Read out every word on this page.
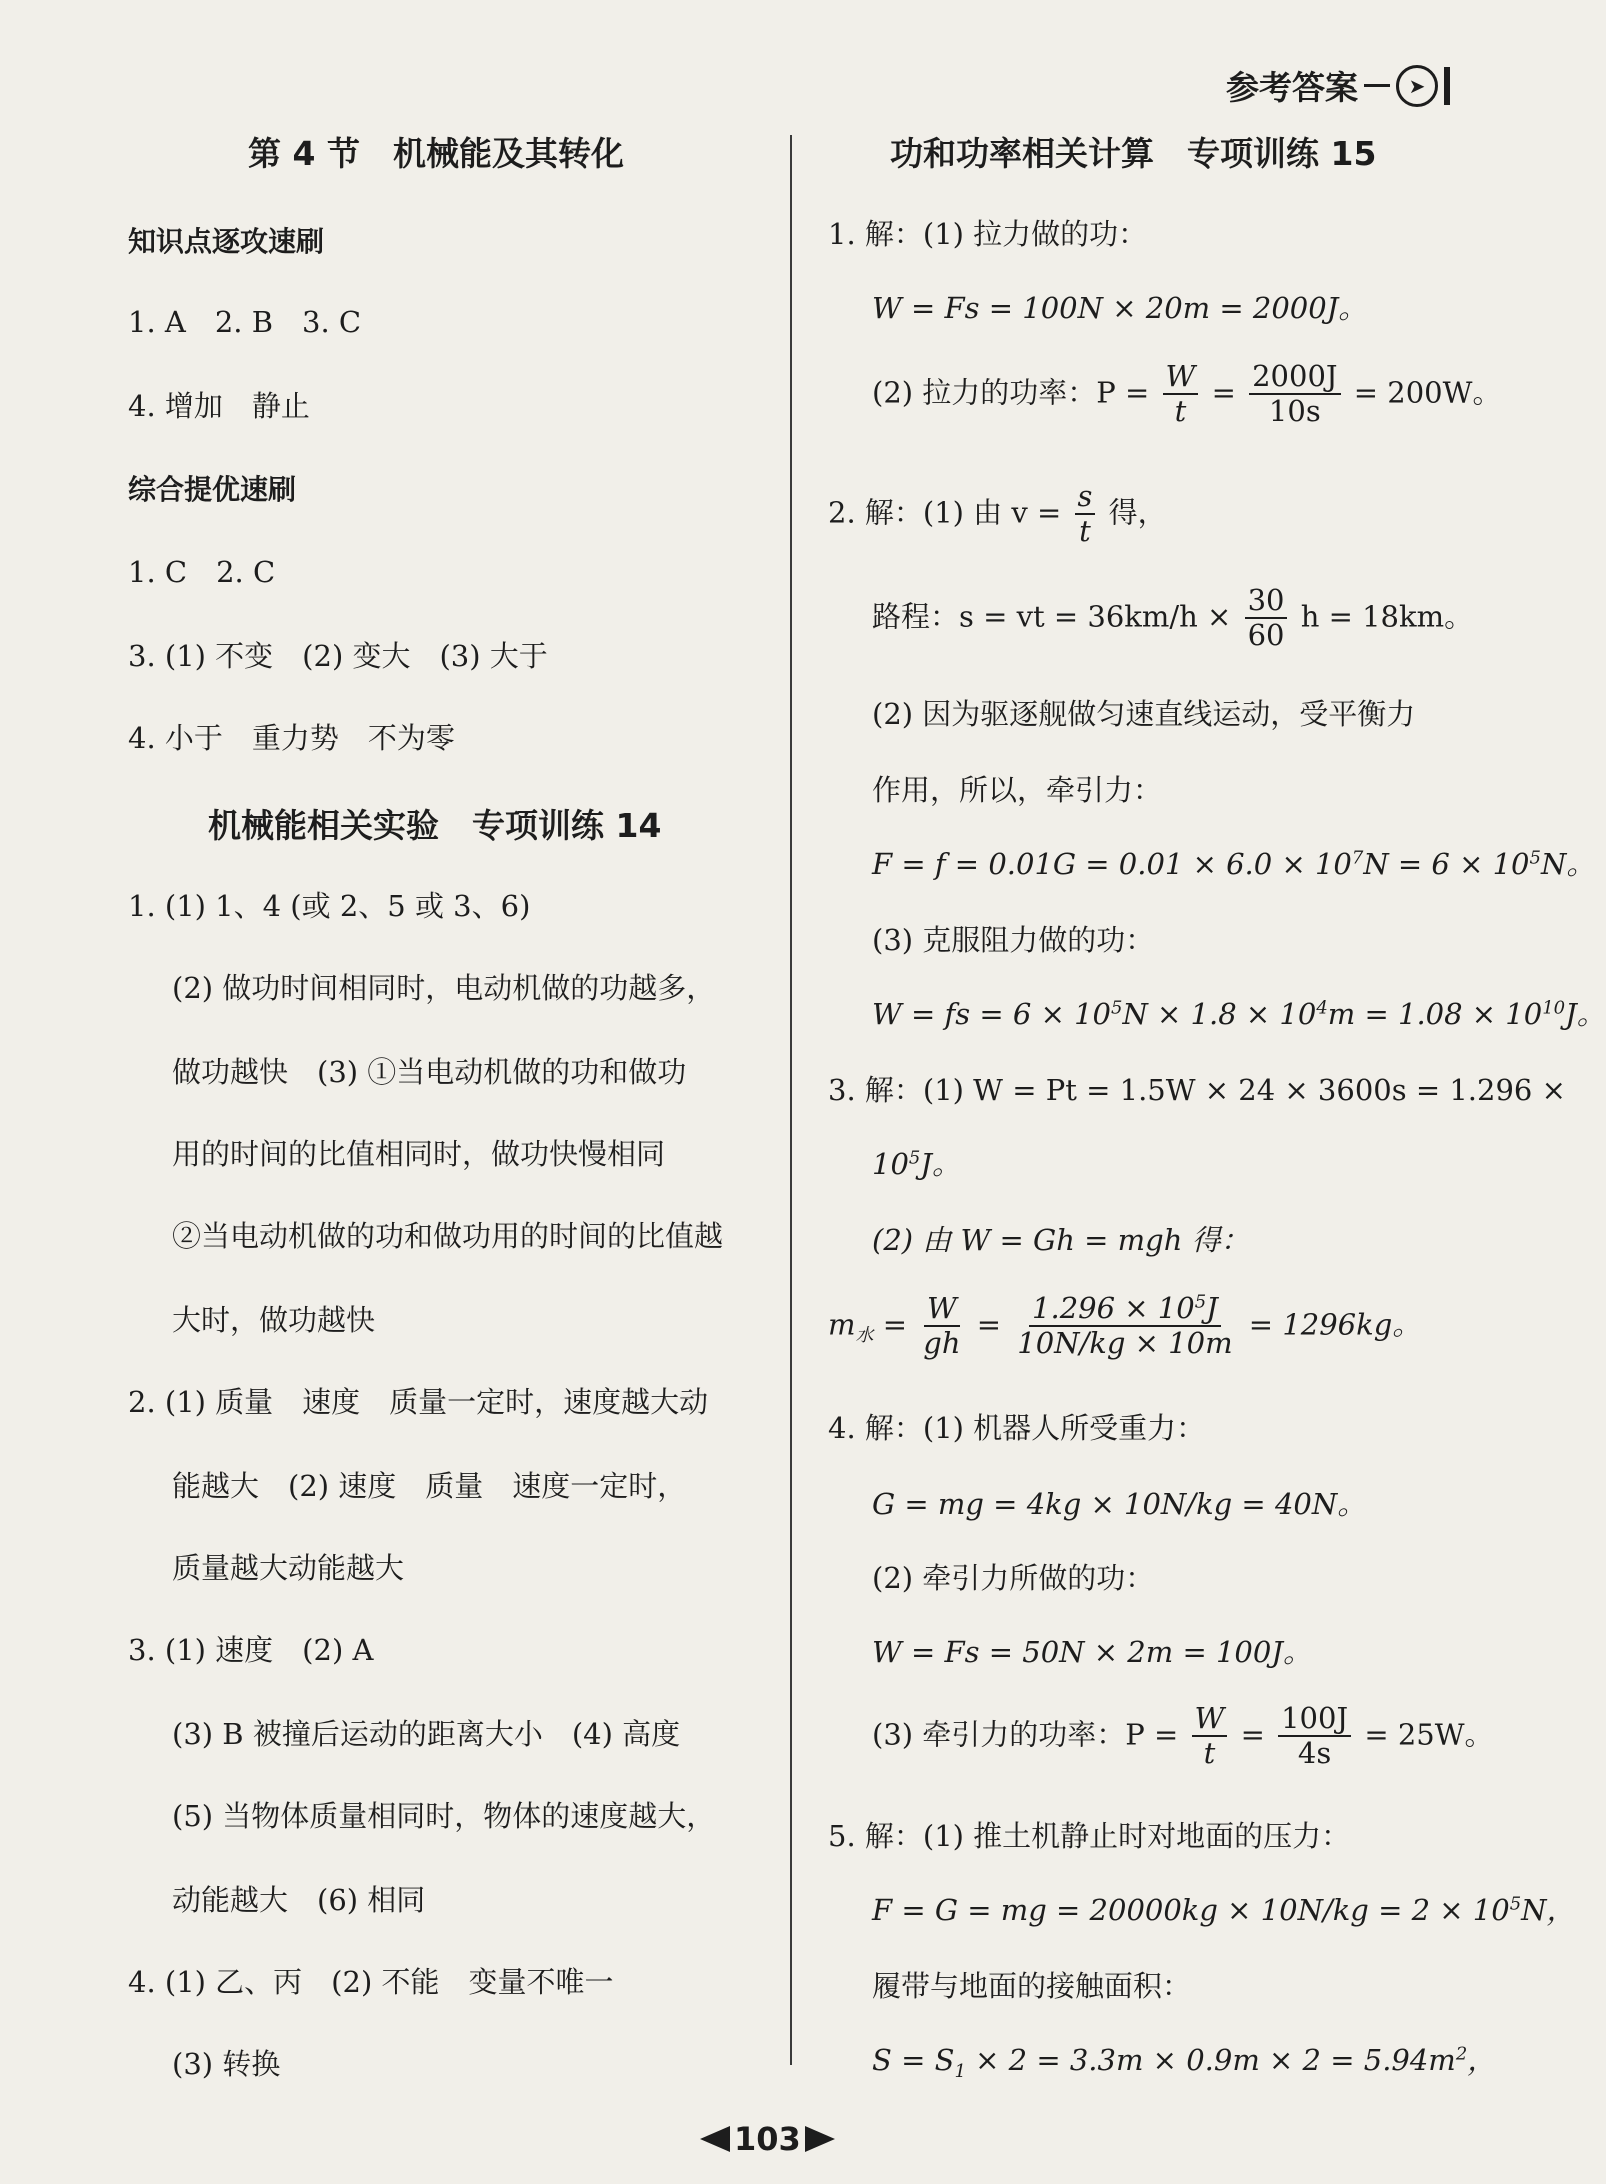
参考答案	➤
第 4 节　机械能及其转化
知识点逐攻速刷
1. A　2. B　3. C
4. 增加　静止
综合提优速刷
1. C　2. C
3. (1) 不变　(2) 变大　(3) 大于
4. 小于　重力势　不为零
机械能相关实验　专项训练 14
1. (1) 1、4 (或 2、5 或 3、6)
(2) 做功时间相同时，电动机做的功越多，
做功越快　(3) ①当电动机做的功和做功
用的时间的比值相同时，做功快慢相同
②当电动机做的功和做功用的时间的比值越
大时，做功越快
2. (1) 质量　速度　质量一定时，速度越大动
能越大　(2) 速度　质量　速度一定时，
质量越大动能越大
3. (1) 速度　(2) A
(3) B 被撞后运动的距离大小　(4) 高度
(5) 当物体质量相同时，物体的速度越大，
动能越大　(6) 相同
4. (1) 乙、丙　(2) 不能　变量不唯一
(3) 转换
功和功率相关计算　专项训练 15
1. 解：(1) 拉力做的功：
W = Fs = 100N × 20m = 2000J。
(2) 拉力的功率：$P = \frac{W}{t} = \frac{2000J}{10s} = 200W$。
2. 解：(1) 由 $v = \frac{s}{t}$ 得，
路程：s = vt = $36km/h \times \frac{30}{60}$ h = 18km。
(2) 因为驱逐舰做匀速直线运动，受平衡力
作用，所以，牵引力：
$F = f = 0.01G = 0.01 \times 6.0 \times 10^7N = 6 \times 10^5N$。
(3) 克服阻力做的功：
W = fs = $6 \times 10^5N \times 1.8 \times 10^4m = 1.08 \times 10^{10}J$。
3. 解：(1) W = Pt = 1.5W × 24 × 3600s = 1.296 ×
$10^5J$。
(2) 由 W = Gh = mgh 得：
$m_水 = \frac{W}{gh} = \frac{1.296 \times 10^5J}{10N/kg \times 10m} = 1296kg$。
4. 解：(1) 机器人所受重力：
G = mg = 4kg × 10N/kg = 40N。
(2) 牵引力所做的功：
W = Fs = 50N × 2m = 100J。
(3) 牵引力的功率：$P = \frac{W}{t} = \frac{100J}{4s} = 25W$。
5. 解：(1) 推土机静止时对地面的压力：
F = G = mg = $20000kg \times 10N/kg = 2 \times 10^5N$，
履带与地面的接触面积：
$S = S_1 \times 2 = 3.3m \times 0.9m \times 2 = 5.94m^2$，
103
